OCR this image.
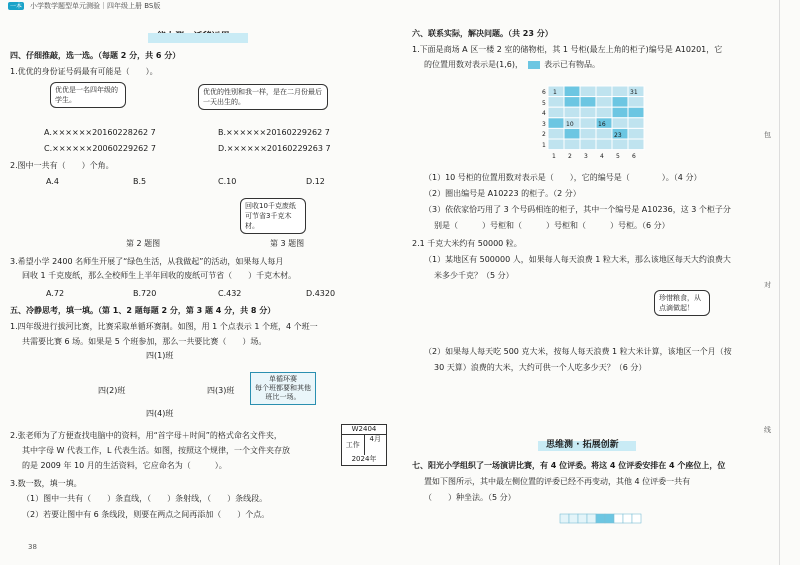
一本 小学数学题型单元测验｜四年级上册 BS版
四、仔细推敲，选一选。（每题 2 分，共 6 分）
1.优优的身份证号码最有可能是（　　）。
优优是一名四年级的学生。
优优的性别和我一样，是在二月份最后一天出生的。
A.××××××20160228262 7	B.××××××20160229262 7
C.××××××20060229262 7	D.××××××20160229263 7
2.图中一共有（　　）个角。
A.4	B.5	C.10	D.12
回收10千克废纸可节省3千克木材。
第 2 题图	第 3 题图
3.希望小学 2400 名师生开展了“绿色生活，从我做起”的活动，如果每人每月
回收 1 千克废纸，那么全校师生上半年回收的废纸可节省（　　）千克木材。
A.72	B.720	C.432	D.4320
五、冷静思考，填一填。（第 1、2 题每题 2 分，第 3 题 4 分，共 8 分）
1.四年级进行拔河比赛，比赛采取单循环赛制。如图，用 1 个点表示 1 个班，4 个班一
共需要比赛 6 场。如果是 5 个班参加，那么一共要比赛（　　）场。
四(1)班
四(2)班	四(3)班
四(4)班
单循环赛
每个班都要和其他班比一场。
2.张老师为了方便查找电脑中的资料，用“首字母＋时间”的格式命名文件夹，
其中字母 W 代表工作，L 代表生活。如图，按照这个规律，一个文件夹存放
的是 2009 年 10 月的生活资料，它应命名为（　　　）。
W2404
工作
4月
2024年
3.数一数，填一填。
（1）图中一共有（　　）条直线，（　　）条射线，（　　）条线段。
（2）若要让图中有 6 条线段，则要在两点之间再添加（　　）个点。
38
六、联系实际，解决问题。（共 23 分）
1.下面是商场 A 区一楼 2 室的储物柜，其 1 号柜(最左上角的柜子)编号是 A10201，它
的位置用数对表示是(1,6)，	表示已有物品。
6
5
4
3
2
1
1 2 3 4 5 6
1	31
10	16
23
（1）10 号柜的位置用数对表示是（　　），它的编号是（　　　　）。（4 分）
（2）圈出编号是 A10223 的柜子。（2 分）
（3）依依家恰巧用了 3 个号码相连的柜子，其中一个编号是 A10236，这 3 个柜子分
别是（　　　）号柜和（　　　）号柜和（　　　）号柜。（6 分）
2.1 千克大米约有 50000 粒。
（1）某地区有 500000 人，如果每人每天浪费 1 粒大米，那么该地区每天大约浪费大
米多少千克？（5 分）
珍惜粮食，从点滴做起！
（2）如果每人每天吃 500 克大米，按每人每天浪费 1 粒大米计算，该地区一个月（按
30 天算）浪费的大米，大约可供一个人吃多少天？（6 分）
思维测 · 拓展创新
七、阳光小学组织了一场演讲比赛，有 4 位评委。将这 4 位评委安排在 4 个座位上，位
置如下图所示，其中最左侧位置的评委已经不再变动，其他 4 位评委一共有
（　　）种坐法。（5 分）
包
对
线
